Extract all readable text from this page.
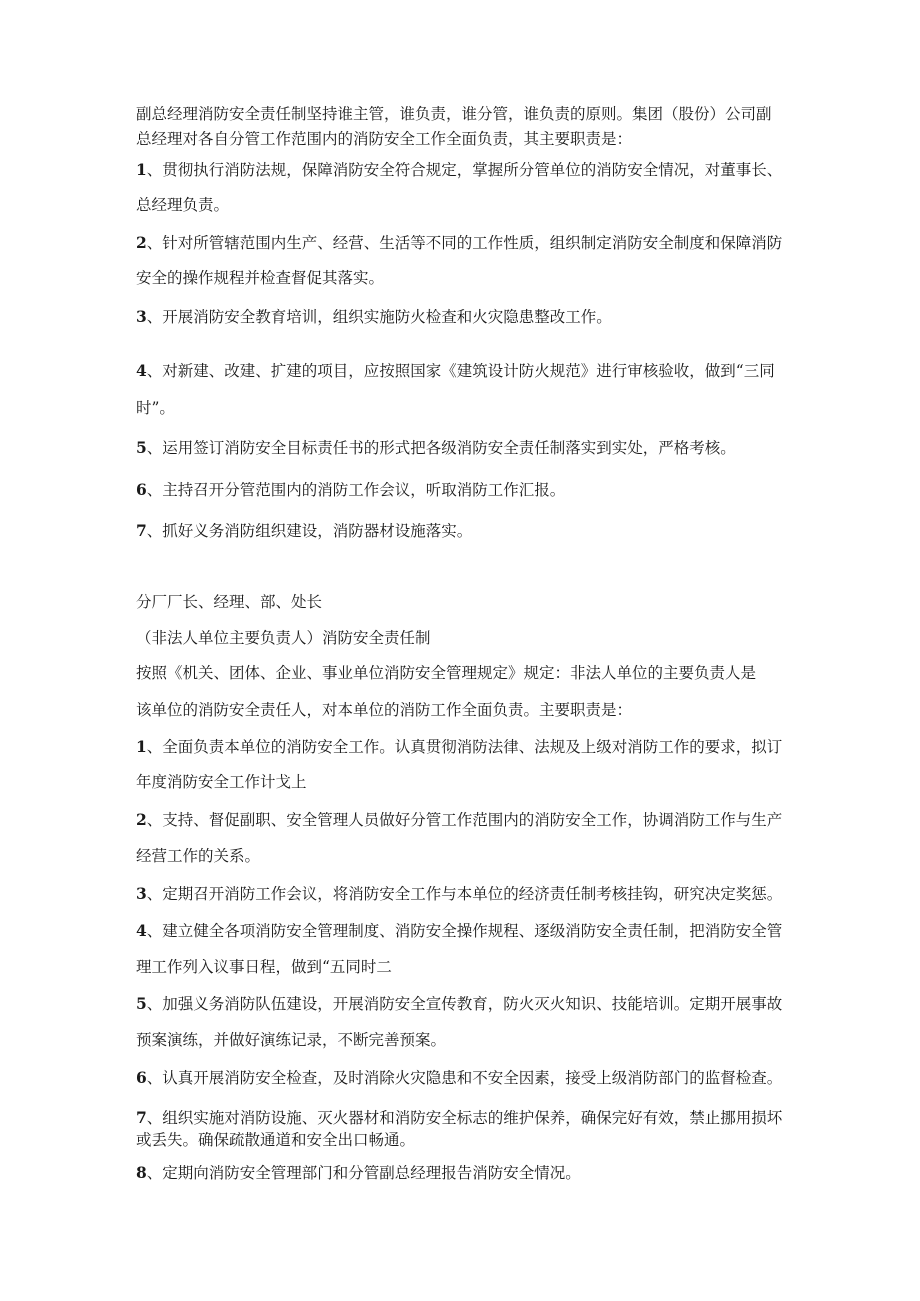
副总经理消防安全责任制坚持谁主管，谁负责，谁分管，谁负责的原则。集团（股份）公司副
总经理对各自分管工作范围内的消防安全工作全面负责，其主要职责是：
1、贯彻执行消防法规，保障消防安全符合规定，掌握所分管单位的消防安全情况，对董事长、
总经理负责。
2、针对所管辖范围内生产、经营、生活等不同的工作性质，组织制定消防安全制度和保障消防
安全的操作规程并检查督促其落实。
3、开展消防安全教育培训，组织实施防火检查和火灾隐患整改工作。
4、对新建、改建、扩建的项目，应按照国家《建筑设计防火规范》进行审核验收，做到“三同
时”。
5、运用签订消防安全目标责任书的形式把各级消防安全责任制落实到实处，严格考核。
6、主持召开分管范围内的消防工作会议，听取消防工作汇报。
7、抓好义务消防组织建设，消防器材设施落实。
分厂厂长、经理、部、处长
（非法人单位主要负责人）消防安全责任制
按照《机关、团体、企业、事业单位消防安全管理规定》规定：非法人单位的主要负责人是
该单位的消防安全责任人，对本单位的消防工作全面负责。主要职责是：
1、全面负责本单位的消防安全工作。认真贯彻消防法律、法规及上级对消防工作的要求，拟订
年度消防安全工作计戈上
2、支持、督促副职、安全管理人员做好分管工作范围内的消防安全工作，协调消防工作与生产
经营工作的关系。
3、定期召开消防工作会议，将消防安全工作与本单位的经济责任制考核挂钩，研究决定奖惩。
4、建立健全各项消防安全管理制度、消防安全操作规程、逐级消防安全责任制，把消防安全管
理工作列入议事日程，做到“五同时二
5、加强义务消防队伍建设，开展消防安全宣传教育，防火灭火知识、技能培训。定期开展事故
预案演练，并做好演练记录，不断完善预案。
6、认真开展消防安全检查，及时消除火灾隐患和不安全因素，接受上级消防部门的监督检查。
7、组织实施对消防设施、灭火器材和消防安全标志的维护保养，确保完好有效，禁止挪用损坏
或丢失。确保疏散通道和安全出口畅通。
8、定期向消防安全管理部门和分管副总经理报告消防安全情况。
